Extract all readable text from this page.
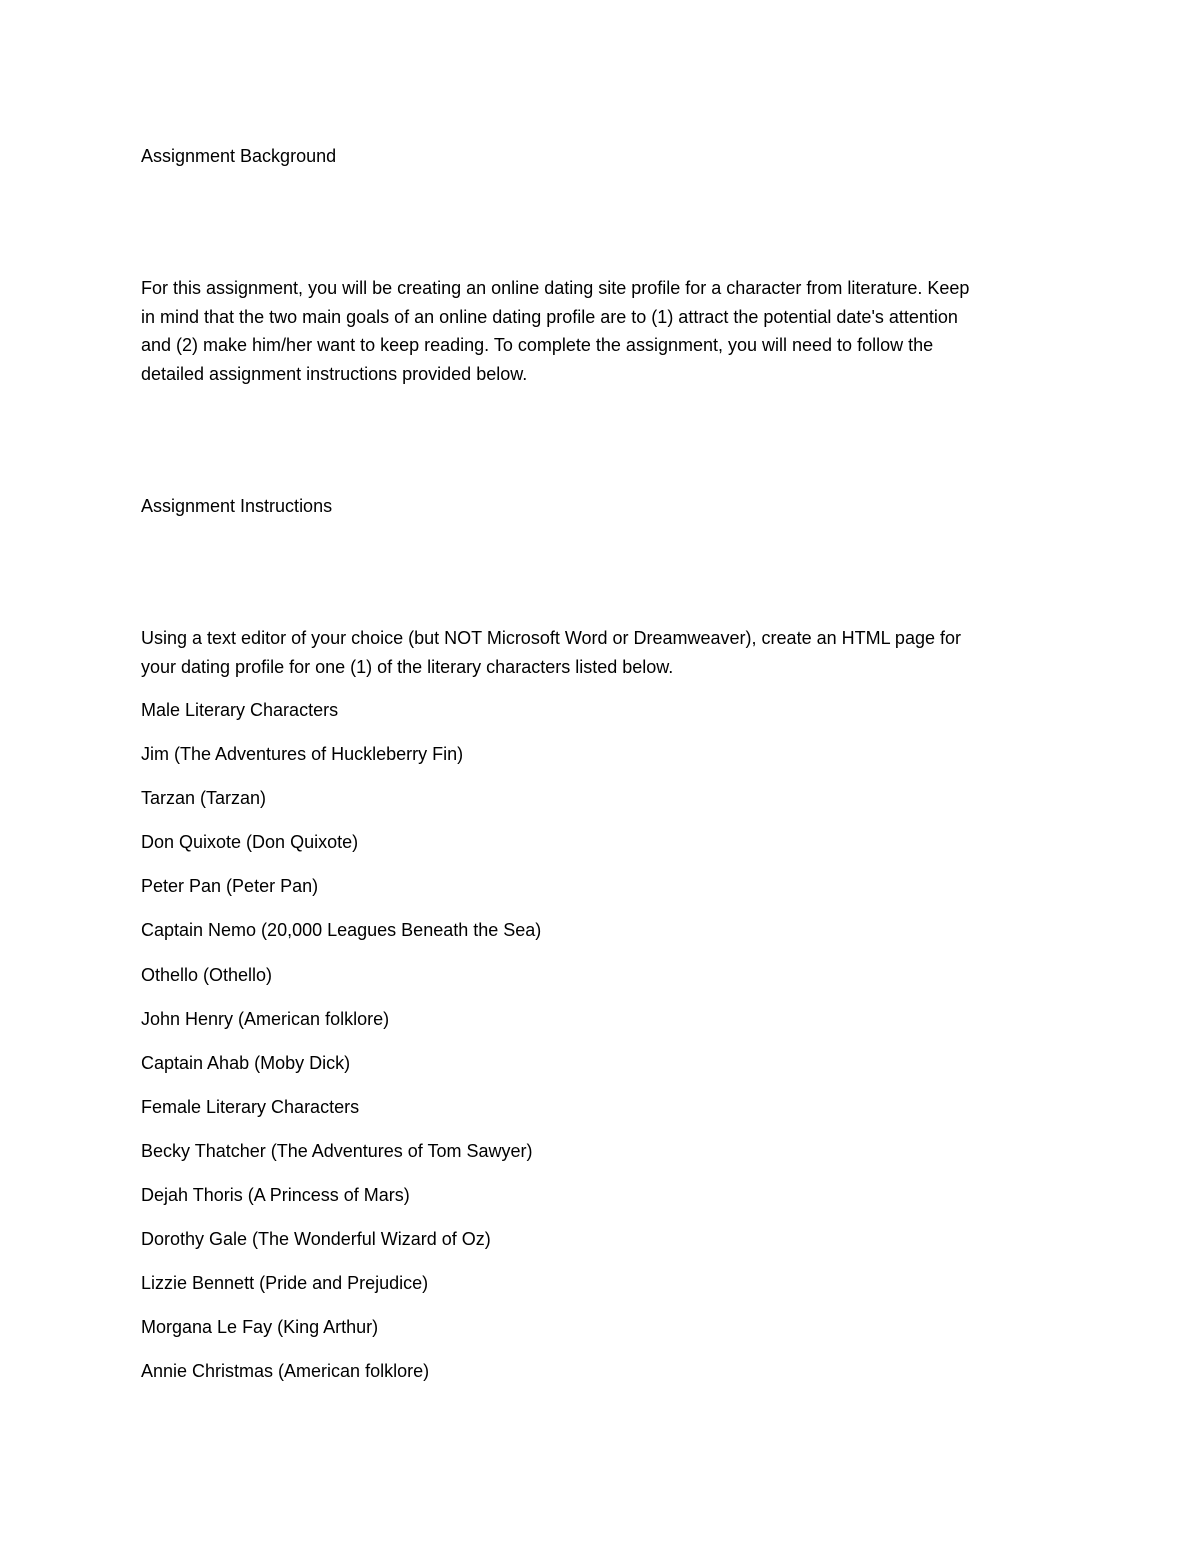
Assignment Background

For this assignment, you will be creating an online dating site profile for a character from literature. Keep
in mind that the two main goals of an online dating profile are to (1) attract the potential date's attention
and (2) make him/her want to keep reading. To complete the assignment, you will need to follow the
detailed assignment instructions provided below.

Assignment Instructions

Using a text editor of your choice (but NOT Microsoft Word or Dreamweaver), create an HTML page for
your dating profile for one (1) of the literary characters listed below.
Male Literary Characters
Jim (The Adventures of Huckleberry Fin)
Tarzan (Tarzan)
Don Quixote (Don Quixote)
Peter Pan (Peter Pan)
Captain Nemo (20,000 Leagues Beneath the Sea)
Othello (Othello)
John Henry (American folklore)
Captain Ahab (Moby Dick)
Female Literary Characters
Becky Thatcher (The Adventures of Tom Sawyer)
Dejah Thoris (A Princess of Mars)
Dorothy Gale (The Wonderful Wizard of Oz)
Lizzie Bennett (Pride and Prejudice)
Morgana Le Fay (King Arthur)
Annie Christmas (American folklore)
